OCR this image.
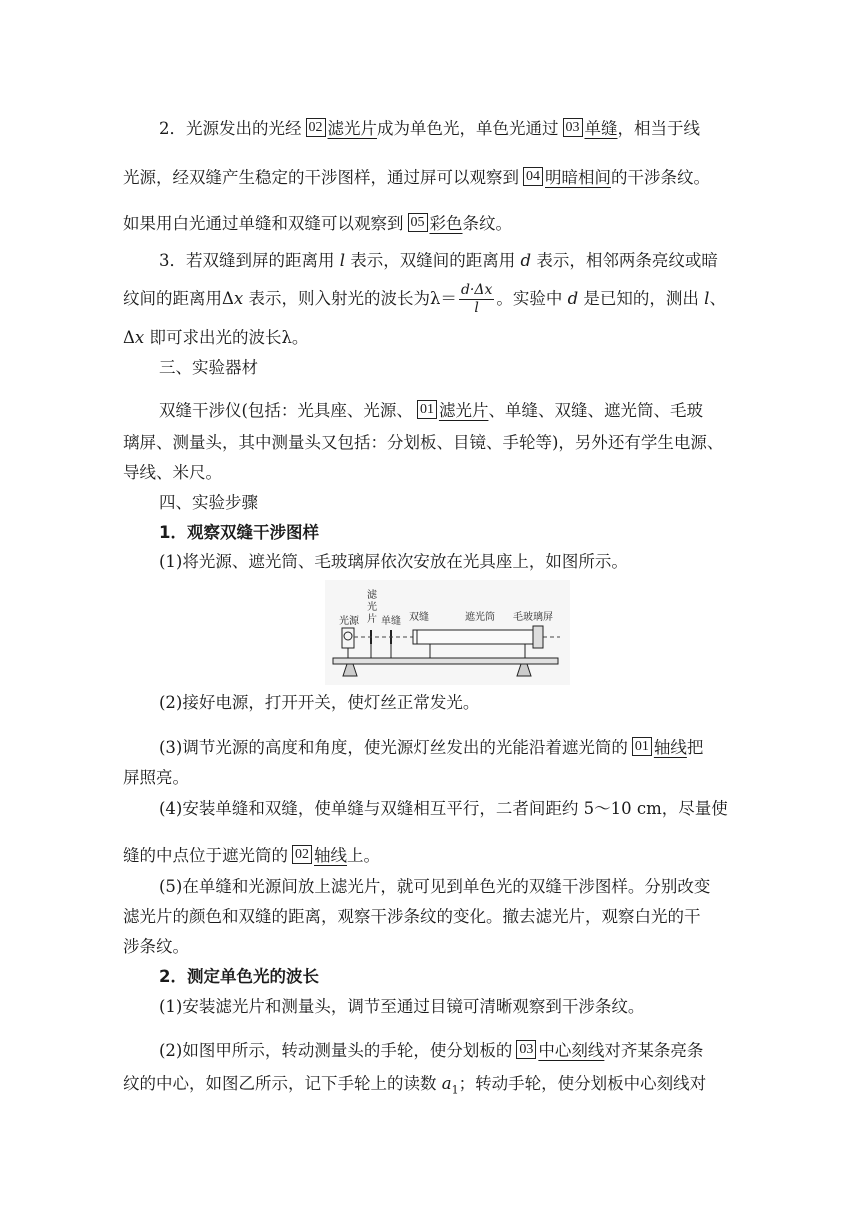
2．光源发出的光经 02 滤光片成为单色光，单色光通过 03 单缝，相当于线
光源，经双缝产生稳定的干涉图样，通过屏可以观察到 04 明暗相间的干涉条纹。
如果用白光通过单缝和双缝可以观察到 05 彩色条纹。
3．若双缝到屏的距离用 l 表示，双缝间的距离用 d 表示，相邻两条亮纹或暗
纹间的距离用Δx 表示，则入射光的波长为$\lambda= \frac{d\cdot\Delta x}{l}$ 。实验中 d 是已知的，测出 l、
Δx 即可求出光的波长λ。
三、实验器材
双缝干涉仪(包括：光具座、光源、 01 滤光片、单缝、双缝、遮光筒、毛玻
璃屏、测量头，其中测量头又包括：分划板、目镜、手轮等)，另外还有学生电源、
导线、米尺。
四、实验步骤
1．观察双缝干涉图样
(1)将光源、遮光筒、毛玻璃屏依次安放在光具座上，如图所示。
光源
滤
光
片 单缝 双缝	遮光筒 毛玻璃屏
(2)接好电源，打开开关，使灯丝正常发光。
(3)调节光源的高度和角度，使光源灯丝发出的光能沿着遮光筒的 01 轴线把
屏照亮。
(4)安装单缝和双缝，使单缝与双缝相互平行，二者间距约 5～10 cm，尽量使
缝的中点位于遮光筒的 02 轴线上。
(5)在单缝和光源间放上滤光片，就可见到单色光的双缝干涉图样。分别改变
滤光片的颜色和双缝的距离，观察干涉条纹的变化。撤去滤光片，观察白光的干
涉条纹。
2．测定单色光的波长
(1)安装滤光片和测量头，调节至通过目镜可清晰观察到干涉条纹。
(2)如图甲所示，转动测量头的手轮，使分划板的 03 中心刻线对齐某条亮条
纹的中心，如图乙所示，记下手轮上的读数 $a_1$；转动手轮，使分划板中心刻线对
